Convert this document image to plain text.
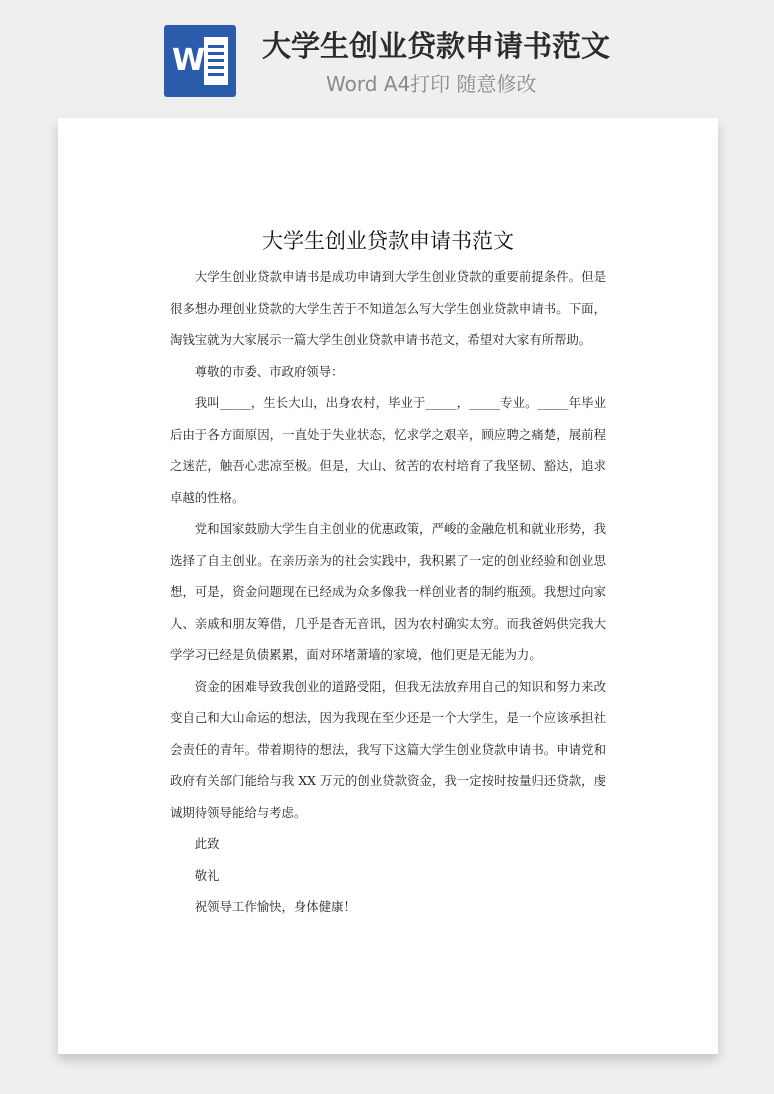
W 大学生创业贷款申请书范文
Word A4打印 随意修改
大学生创业贷款申请书范文

大学生创业贷款申请书是成功申请到大学生创业贷款的重要前提条件。但是很多想办理创业贷款的大学生苦于不知道怎么写大学生创业贷款申请书。下面，淘钱宝就为大家展示一篇大学生创业贷款申请书范文，希望对大家有所帮助。

尊敬的市委、市政府领导：

我叫_____，生长大山，出身农村，毕业于_____，_____专业。_____年毕业后由于各方面原因，一直处于失业状态，忆求学之艰辛，顾应聘之痛楚，展前程之迷茫，触吾心悲凉至极。但是，大山、贫苦的农村培育了我坚韧、豁达，追求卓越的性格。

党和国家鼓励大学生自主创业的优惠政策，严峻的金融危机和就业形势，我选择了自主创业。在亲历亲为的社会实践中，我积累了一定的创业经验和创业思想，可是，资金问题现在已经成为众多像我一样创业者的制约瓶颈。我想过向家人、亲戚和朋友筹借，几乎是杳无音讯，因为农村确实太穷。而我爸妈供完我大学学习已经是负债累累，面对环堵萧墙的家境，他们更是无能为力。

资金的困难导致我创业的道路受阻，但我无法放弃用自己的知识和努力来改变自己和大山命运的想法，因为我现在至少还是一个大学生，是一个应该承担社会责任的青年。带着期待的想法，我写下这篇大学生创业贷款申请书。申请党和政府有关部门能给与我 XX 万元的创业贷款资金，我一定按时按量归还贷款，虔诚期待领导能给与考虑。

此致

敬礼

祝领导工作愉快，身体健康！
